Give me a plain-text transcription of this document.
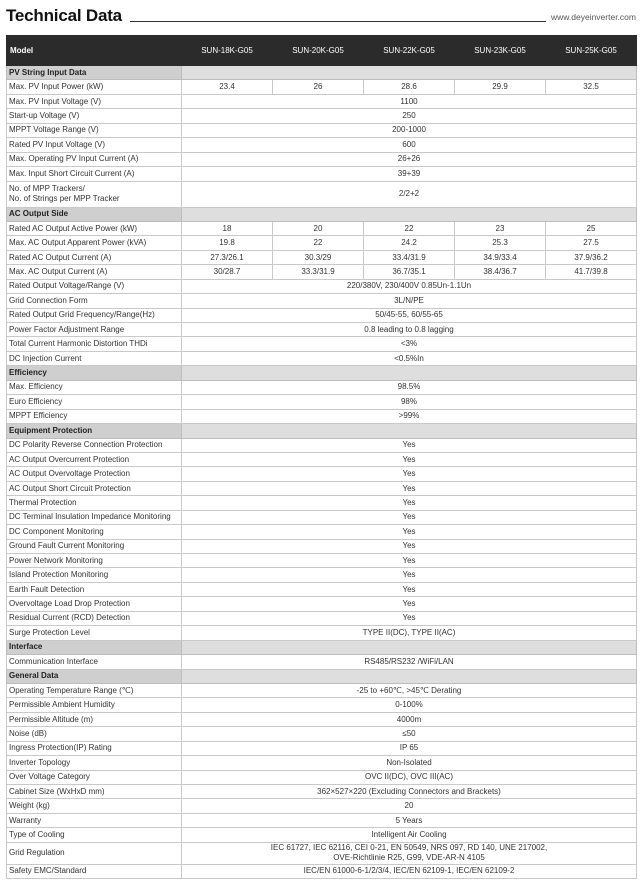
Technical Data	www.deyeinverter.com
Model	SUN-18K-G05	SUN-20K-G05	SUN-22K-G05	SUN-23K-G05	SUN-25K-G05
PV String Input Data					

Max. PV Input Power (kW)	23.4	26	28.6	29.9	32.5

Max. PV Input Voltage (V)	1100				

Start-up Voltage (V)	250				

MPPT Voltage Range (V)	200-1000				

Rated PV Input Voltage (V)	600				

Max. Operating PV Input Current (A)	26+26				

Max. Input Short Circuit Current (A)	39+39				

No. of MPP Trackers/
No. of Strings per MPP Tracker	2/2+2				

AC Output Side					

Rated AC Output Active Power (kW)	18	20	22	23	25

Max. AC Output Apparent Power (kVA)	19.8	22	24.2	25.3	27.5

Rated AC Output Current (A)	27.3/26.1	30.3/29	33.4/31.9	34.9/33.4	37.9/36.2

Max. AC Output Current (A)	30/28.7	33.3/31.9	36.7/35.1	38.4/36.7	41.7/39.8

Rated Output Voltage/Range (V)	220/380V, 230/400V 0.85Un-1.1Un				

Grid Connection Form	3L/N/PE				

Rated Output Grid Frequency/Range(Hz)	50/45-55, 60/55-65				

Power Factor Adjustment Range	0.8 leading to 0.8 lagging				

Total Current Harmonic Distortion THDi	<3%				

DC Injection Current	<0.5%In				

Efficiency					

Max. Efficiency	98.5%				

Euro Efficiency	98%				

MPPT Efficiency	>99%				

Equipment Protection					

DC Polarity Reverse Connection Protection	Yes				

AC Output Overcurrent Protection	Yes				

AC Output Overvoltage Protection	Yes				

AC Output Short Circuit Protection	Yes				

Thermal Protection	Yes				

DC Terminal Insulation Impedance Monitoring	Yes				

DC Component Monitoring	Yes				

Ground Fault Current Monitoring	Yes				

Power Network Monitoring	Yes				

Island Protection Monitoring	Yes				

Earth Fault Detection	Yes				

Overvoltage Load Drop Protection	Yes				

Residual Current (RCD) Detection	Yes				

Surge Protection Level	TYPE II(DC), TYPE II(AC)				

Interface					

Communication Interface	RS485/RS232 /WiFi/LAN				

General Data					

Operating Temperature Range (℃)	-25 to +60℃, >45℃ Derating				

Permissible Ambient Humidity	0-100%				

Permissible Altitude (m)	4000m				

Noise (dB)	≤50				

Ingress Protection(IP) Rating	IP 65				

Inverter Topology	Non-Isolated				

Over Voltage Category	OVC II(DC), OVC III(AC)				

Cabinet Size (WxHxD mm)	362×527×220 (Excluding Connectors and Brackets)				

Weight (kg)	20				

Warranty	5 Years				

Type of Cooling	Intelligent Air Cooling				

Grid Regulation	IEC 61727, IEC 62116, CEI 0-21, EN 50549, NRS 097, RD 140, UNE 217002,
OVE-Richtlinie R25, G99, VDE-AR-N 4105				

Safety EMC/Standard	IEC/EN 61000-6-1/2/3/4, IEC/EN 62109-1, IEC/EN 62109-2				
